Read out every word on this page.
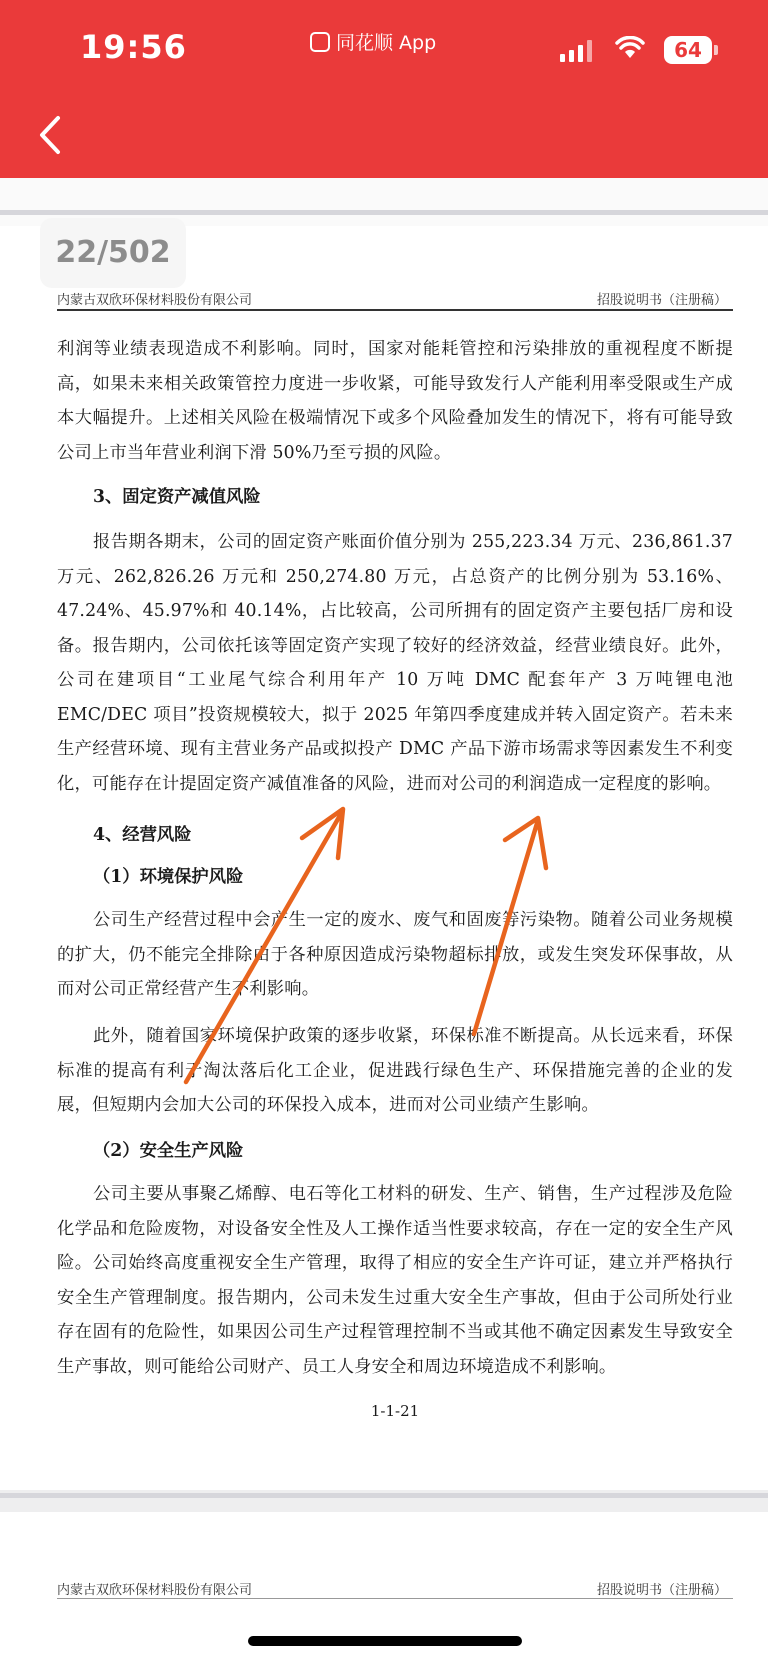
19:56	同花顺 App	64
22/502
内蒙古双欣环保材料股份有限公司	招股说明书（注册稿）

利润等业绩表现造成不利影响。同时，国家对能耗管控和污染排放的重视程度不断提高，如果未来相关政策管控力度进一步收紧，可能导致发行人产能利用率受限或生产成本大幅提升。上述相关风险在极端情况下或多个风险叠加发生的情况下，将有可能导致公司上市当年营业利润下滑 50%乃至亏损的风险。

3、固定资产减值风险

报告期各期末，公司的固定资产账面价值分别为 255,223.34 万元、236,861.37 万元、262,826.26 万元和 250,274.80 万元，占总资产的比例分别为 53.16%、47.24%、45.97%和 40.14%，占比较高，公司所拥有的固定资产主要包括厂房和设备。报告期内，公司依托该等固定资产实现了较好的经济效益，经营业绩良好。此外，公司在建项目“工业尾气综合利用年产 10 万吨 DMC 配套年产 3 万吨锂电池 EMC/DEC 项目”投资规模较大，拟于 2025 年第四季度建成并转入固定资产。若未来生产经营环境、现有主营业务产品或拟投产 DMC 产品下游市场需求等因素发生不利变化，可能存在计提固定资产减值准备的风险，进而对公司的利润造成一定程度的影响。

4、经营风险

（1）环境保护风险

公司生产经营过程中会产生一定的废水、废气和固废等污染物。随着公司业务规模的扩大，仍不能完全排除由于各种原因造成污染物超标排放，或发生突发环保事故，从而对公司正常经营产生不利影响。

此外，随着国家环境保护政策的逐步收紧，环保标准不断提高。从长远来看，环保标准的提高有利于淘汰落后化工企业，促进践行绿色生产、环保措施完善的企业的发展，但短期内会加大公司的环保投入成本，进而对公司业绩产生影响。

（2）安全生产风险

公司主要从事聚乙烯醇、电石等化工材料的研发、生产、销售，生产过程涉及危险化学品和危险废物，对设备安全性及人工操作适当性要求较高，存在一定的安全生产风险。公司始终高度重视安全生产管理，取得了相应的安全生产许可证，建立并严格执行安全生产管理制度。报告期内，公司未发生过重大安全生产事故，但由于公司所处行业存在固有的危险性，如果因公司生产过程管理控制不当或其他不确定因素发生导致安全生产事故，则可能给公司财产、员工人身安全和周边环境造成不利影响。

1-1-21
内蒙古双欣环保材料股份有限公司	招股说明书（注册稿）
